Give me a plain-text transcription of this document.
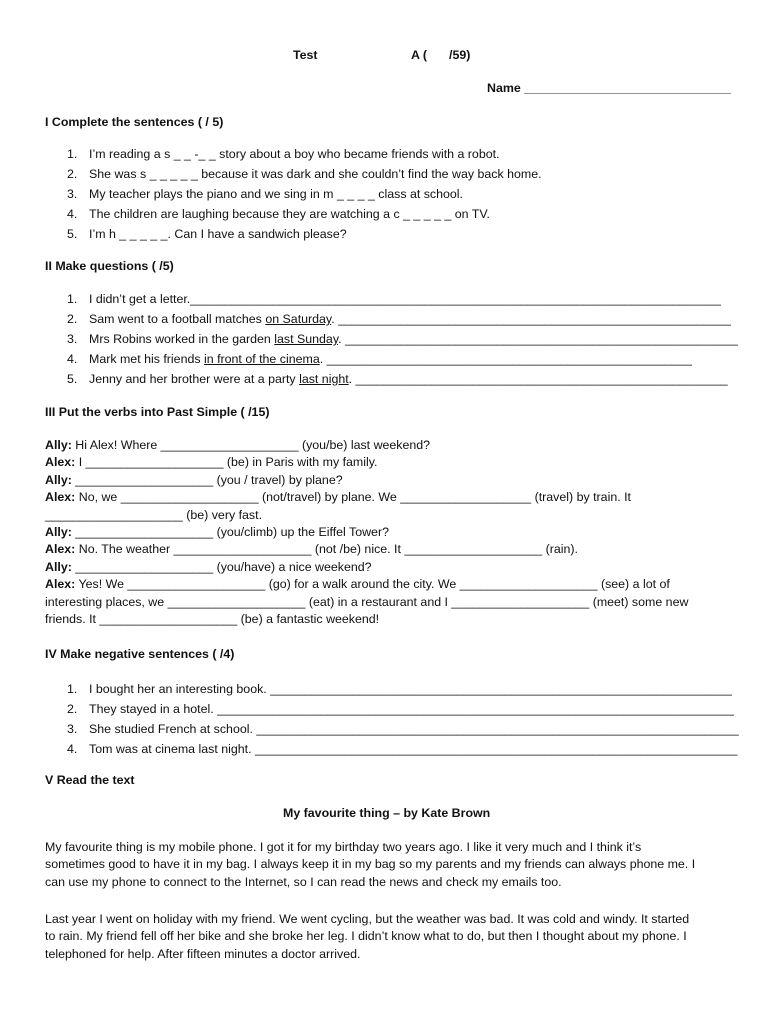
Test	A ( /59)
Name ______________________________
I Complete the sentences ( / 5)
1. I’m reading a s _ _ -_ _ story about a boy who became friends with a robot.
2. She was s _ _ _ _ _ because it was dark and she couldn’t find the way back home.
3. My teacher plays the piano and we sing in m _ _ _ _ class at school.
4. The children are laughing because they are watching a c _ _ _ _ _ on TV.
5. I’m h _ _ _ _ _. Can I have a sandwich please?
II Make questions ( /5)
1. I didn’t get a letter._____________________________________________________________________________
2. Sam went to a football matches on Saturday. _________________________________________________________
3. Mrs Robins worked in the garden last Sunday. _________________________________________________________
4. Mark met his friends in front of the cinema. _____________________________________________________
5. Jenny and her brother were at a party last night. ______________________________________________________
III Put the verbs into Past Simple ( /15)
Ally: Hi Alex! Where ____________________ (you/be) last weekend?
Alex: I ____________________ (be) in Paris with my family.
Ally: ____________________ (you / travel) by plane?
Alex: No, we ____________________ (not/travel) by plane. We ___________________ (travel) by train. It
____________________ (be) very fast.
Ally: ____________________ (you/climb) up the Eiffel Tower?
Alex: No. The weather ____________________ (not /be) nice. It ____________________ (rain).
Ally: ____________________ (you/have) a nice weekend?
Alex: Yes! We ____________________ (go) for a walk around the city. We ____________________ (see) a lot of
interesting places, we ____________________ (eat) in a restaurant and I ____________________ (meet) some new
friends. It ____________________ (be) a fantastic weekend!
IV Make negative sentences ( /4)
1. I bought her an interesting book. ___________________________________________________________________
2. They stayed in a hotel. ___________________________________________________________________________
3. She studied French at school. ______________________________________________________________________
4. Tom was at cinema last night. ______________________________________________________________________
V Read the text
My favourite thing – by Kate Brown
My favourite thing is my mobile phone. I got it for my birthday two years ago. I like it very much and I think it’s
sometimes good to have it in my bag. I always keep it in my bag so my parents and my friends can always phone me. I
can use my phone to connect to the Internet, so I can read the news and check my emails too.
Last year I went on holiday with my friend. We went cycling, but the weather was bad. It was cold and windy. It started
to rain. My friend fell off her bike and she broke her leg. I didn’t know what to do, but then I thought about my phone. I
telephoned for help. After fifteen minutes a doctor arrived.
